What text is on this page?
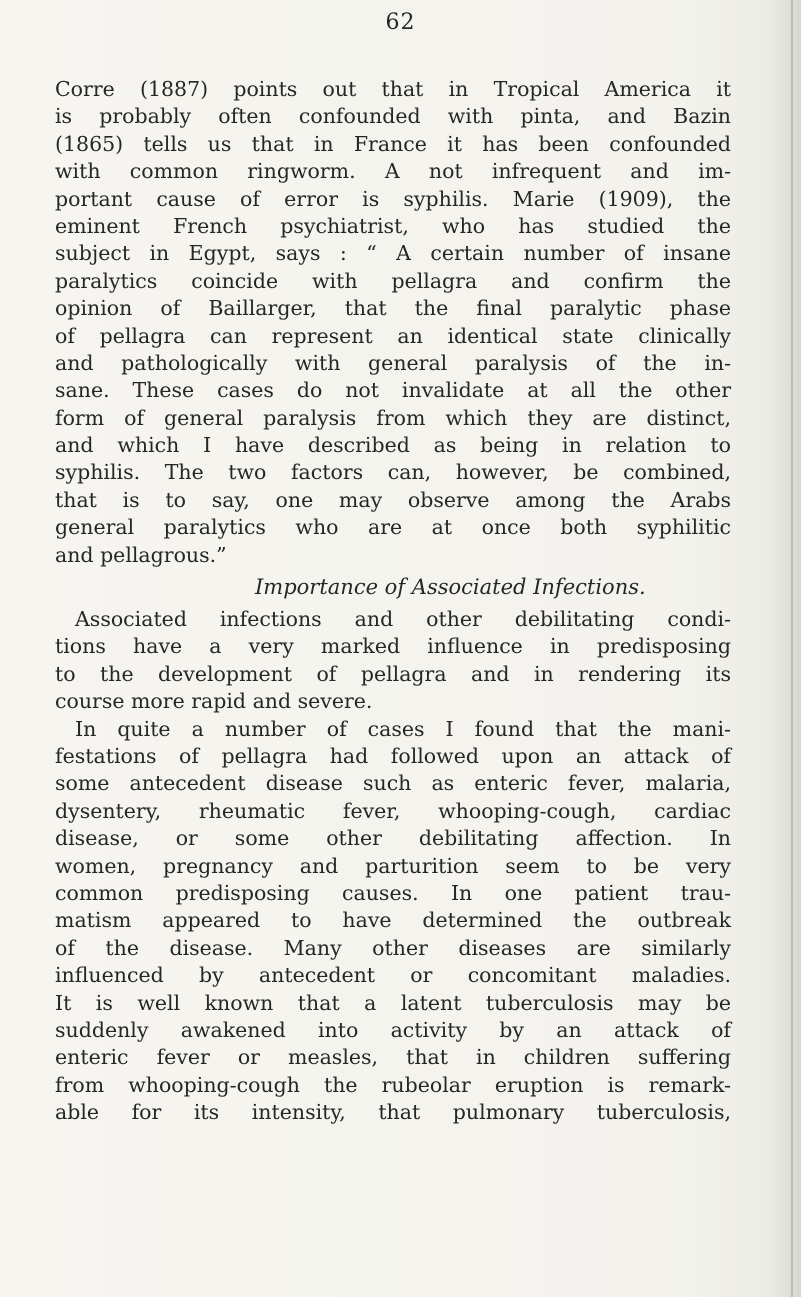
62
Corre (1887) points out that in Tropical America it
is probably often confounded with pinta, and Bazin
(1865) tells us that in France it has been confounded
with common ringworm. A not infrequent and im-
portant cause of error is syphilis. Marie (1909), the
eminent French psychiatrist, who has studied the
subject in Egypt, says : “ A certain number of insane
paralytics coincide with pellagra and confirm the
opinion of Baillarger, that the final paralytic phase
of pellagra can represent an identical state clinically
and pathologically with general paralysis of the in-
sane. These cases do not invalidate at all the other
form of general paralysis from which they are distinct,
and which I have described as being in relation to
syphilis. The two factors can, however, be combined,
that is to say, one may observe among the Arabs
general paralytics who are at once both syphilitic
and pellagrous.”
Importance of Associated Infections.
Associated infections and other debilitating condi-
tions have a very marked influence in predisposing
to the development of pellagra and in rendering its
course more rapid and severe.
In quite a number of cases I found that the mani-
festations of pellagra had followed upon an attack of
some antecedent disease such as enteric fever, malaria,
dysentery, rheumatic fever, whooping-cough, cardiac
disease, or some other debilitating affection. In
women, pregnancy and parturition seem to be very
common predisposing causes. In one patient trau-
matism appeared to have determined the outbreak
of the disease. Many other diseases are similarly
influenced by antecedent or concomitant maladies.
It is well known that a latent tuberculosis may be
suddenly awakened into activity by an attack of
enteric fever or measles, that in children suffering
from whooping-cough the rubeolar eruption is remark-
able for its intensity, that pulmonary tuberculosis,
